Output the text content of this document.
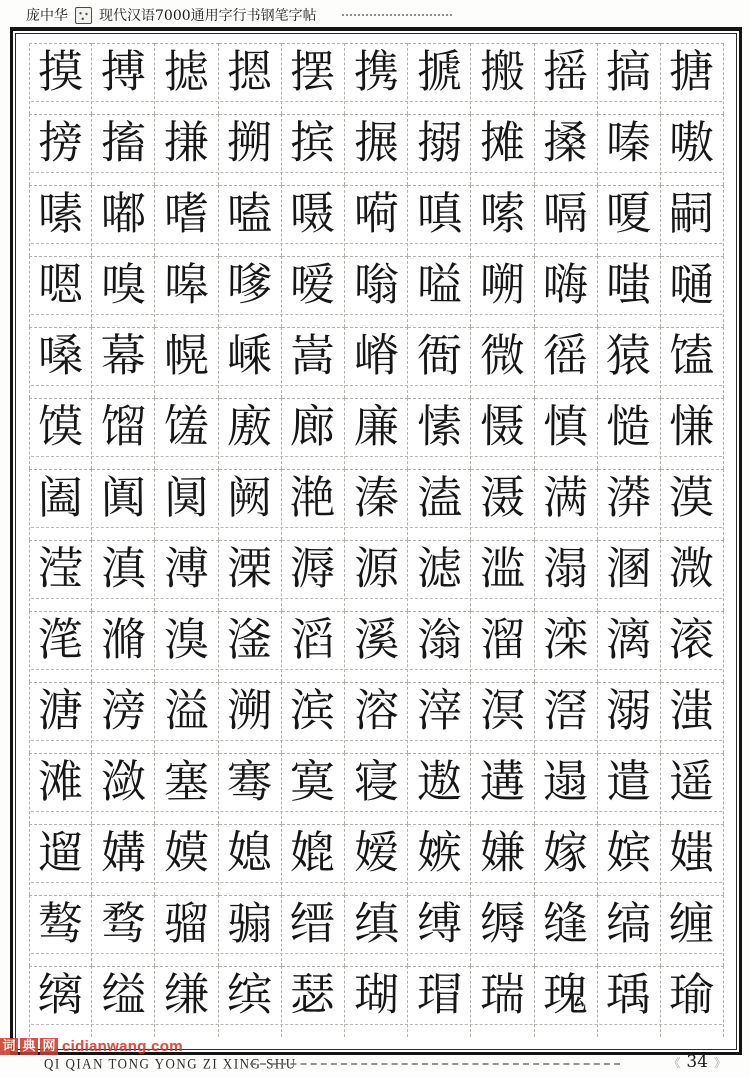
庞中华 现代汉语7000通用字行书钢笔字帖
摸 搏 摅 摁 摆 携 搋 搬 摇 搞 搪
搒 搐 搛 搠 摈 搌 搦 摊 搡 嗪 嗷
嗉 嘟 嗜 嗑 嗫 嗬 嗔 嗦 嗝 嗄 嗣
嗯 嗅 嗥 嗲 嗳 嗡 嗌 嗍 嗨 嗤 嗵
嗓 幕 幌 嵊 嵩 嵴 衙 微 徭 猿 馌
馍 馏 馐 廒 廊 廉 愫 慑 慎 慥 慊
阖 阗 阒 阙 滟 溱 溘 滠 满 漭 漠
滢 滇 溥 溧 溽 源 滤 滥 溻 溷 溦
滗 滫 溴 滏 滔 溪 滃 溜 滦 漓 滚
溏 滂 溢 溯 滨 溶 滓 溟 滘 溺 滍
滩 潋 塞 骞 寞 寝 遨 遘 遢 遣 遥
遛 媾 嫫 媳 媲 嫒 嫉 嫌 嫁 嫔 媸
骜 骛 骝 骟 缙 缜 缚 缛 缝 缟 缠
缡 缢 缣 缤 瑟 瑚 瑁 瑞 瑰 瑀 瑜
词 典 网 cidianwang.com
QI QIAN TONG YONG ZI XING SHU	《 34 》
